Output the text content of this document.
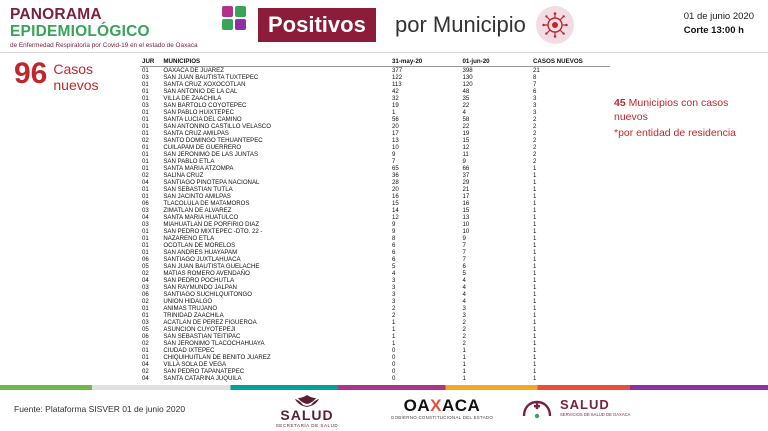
PANORAMA EPIDEMIOLÓGICO
de Enfermedad Respiratoria por Covid-19 en el estado de Oaxaca
Positivos	por Municipio	01 de junio 2020
Corte 13:00 h
96 Casos
nuevos
45 Municipios con casos nuevos
*por entidad de residencia
JUR	MUNICIPIOS	31-may-20	01-jun-20	CASOS NUEVOS
01	OAXACA DE JUAREZ	377	398	21
03	SAN JUAN BAUTISTA TUXTEPEC	122	130	8
01	SANTA CRUZ XOXOCOTLAN	113	120	7
01	SAN ANTONIO DE LA CAL	42	48	6
01	VILLA DE ZAACHILA	32	35	3
03	SAN BARTOLO COYOTEPEC	19	22	3
01	SAN PABLO HUIXTEPEC	1	4	3
01	SANTA LUCIA DEL CAMINO	56	58	2
01	SAN ANTONINO CASTILLO VELASCO	20	22	2
01	SANTA CRUZ AMILPAS	17	19	2
02	SANTO DOMINGO TEHUANTEPEC	13	15	2
01	CUILAPAM DE GUERRERO	10	12	2
01	SAN JERONIMO DE LAS JUNTAS	9	11	2
01	SAN PABLO ETLA	7	9	2
01	SANTA MARIA ATZOMPA	65	66	1
02	SALINA CRUZ	36	37	1
04	SANTIAGO PINOTEPA NACIONAL	28	29	1
01	SAN SEBASTIAN TUTLA	20	21	1
01	SAN JACINTO AMILPAS	16	17	1
06	TLACOLULA DE MATAMOROS	15	16	1
03	ZIMATLAN DE ALVAREZ	14	15	1
04	SANTA MARIA HUATULCO	12	13	1
03	MIAHUATLAN DE PORFIRIO DIAZ	9	10	1
01	SAN PEDRO MIXTEPEC -DTO. 22 -	9	10	1
01	NAZARENO ETLA	8	9	1
01	OCOTLAN DE MORELOS	6	7	1
01	SAN ANDRES HUAYAPAM	6	7	1
06	SANTIAGO JUXTLAHUACA	6	7	1
05	SAN JUAN BAUTISTA GUELACHE	5	6	1
02	MATIAS ROMERO AVENDAÑO	4	5	1
04	SAN PEDRO POCHUTLA	3	4	1
03	SAN RAYMUNDO JALPAN	3	4	1
06	SANTIAGO SUCHILQUITONGO	3	4	1
02	UNION HIDALGO	3	4	1
01	ANIMAS TRUJANO	2	3	1
01	TRINIDAD ZAACHILA	2	3	1
03	ACATLAN DE PEREZ FIGUEROA	1	2	1
05	ASUNCION CUYOTEPEJI	1	2	1
06	SAN SEBASTIAN TEITIPAC	1	2	1
02	SAN JERONIMO TLACOCHAHUAYA	1	2	1
01	CIUDAD IXTEPEC	0	1	1
01	CHIQUIHUITLAN DE BENITO JUAREZ	0	1	1
04	VILLA SOLA DE VEGA	0	1	1
02	SAN PEDRO TAPANATEPEC	0	1	1
04	SANTA CATARINA JUQUILA	0	1	1
Fuente: Plataforma SISVER 01 de junio 2020	SALUD
SECRETARÍA DE SALUD
OAXACA
GOBIERNO CONSTITUCIONAL DEL ESTADO
SALUD
SERVICIOS DE SALUD DE OAXACA
